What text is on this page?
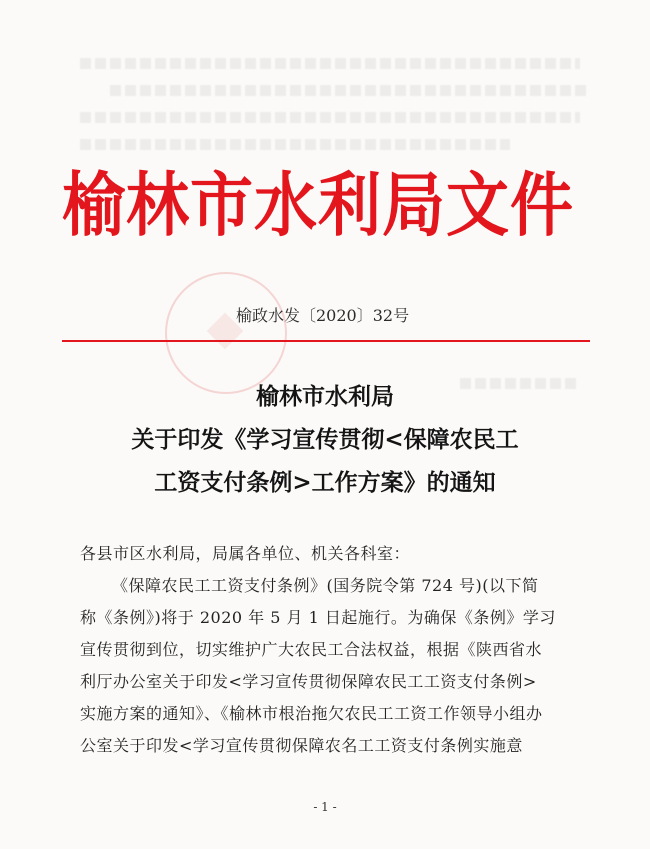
榆林市水利局文件
榆政水发〔2020〕32号
榆林市水利局
关于印发《学习宣传贯彻<保障农民工
工资支付条例>工作方案》的通知
各县市区水利局，局属各单位、机关各科室：
《保障农民工工资支付条例》(国务院令第 724 号)(以下简
称《条例》)将于 2020 年 5 月 1 日起施行。为确保《条例》学习
宣传贯彻到位，切实维护广大农民工合法权益，根据《陕西省水
利厅办公室关于印发<学习宣传贯彻保障农民工工资支付条例>
实施方案的通知》、《榆林市根治拖欠农民工工资工作领导小组办
公室关于印发<学习宣传贯彻保障农名工工资支付条例实施意
- 1 -
